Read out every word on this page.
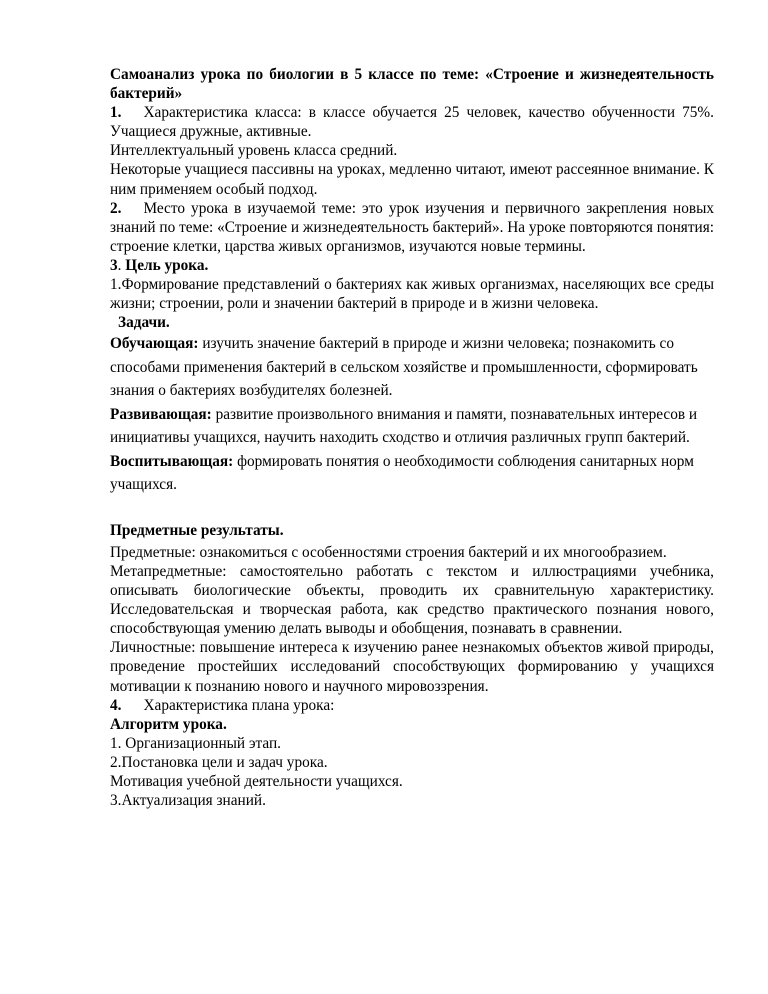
Самоанализ урока по биологии в 5 классе по теме: «Строение и жизнедеятельность бактерий»

1. Характеристика класса: в классе обучается 25 человек, качество обученности 75%. Учащиеся дружные, активные.

Интеллектуальный уровень класса средний.

Некоторые учащиеся пассивны на уроках, медленно читают, имеют рассеянное внимание. К ним применяем особый подход.

2. Место урока в изучаемой теме: это урок изучения и первичного закрепления новых знаний по теме: «Строение и жизнедеятельность бактерий». На уроке повторяются понятия: строение клетки, царства живых организмов, изучаются новые термины.

3. Цель урока.

1.Формирование представлений о бактериях как живых организмах, населяющих все среды жизни; строении, роли и значении бактерий в природе и в жизни человека.

Задачи.

Обучающая: изучить значение бактерий в природе и жизни человека; познакомить со способами применения бактерий в сельском хозяйстве и промышленности, сформировать знания о бактериях возбудителях болезней.

Развивающая: развитие произвольного внимания и памяти, познавательных интересов и инициативы учащихся, научить находить сходство и отличия различных групп бактерий.

Воспитывающая: формировать понятия о необходимости соблюдения санитарных норм учащихся.

Предметные результаты.

Предметные: ознакомиться с особенностями строения бактерий и их многообразием.

Метапредметные: самостоятельно работать с текстом и иллюстрациями учебника, описывать биологические объекты, проводить их сравнительную характеристику. Исследовательская и творческая работа, как средство практического познания нового, способствующая умению делать выводы и обобщения, познавать в сравнении.

Личностные: повышение интереса к изучению ранее незнакомых объектов живой природы, проведение простейших исследований способствующих формированию у учащихся мотивации к познанию нового и научного мировоззрения.

4. Характеристика плана урока:

Алгоритм урока.

1. Организационный этап.

2.Постановка цели и задач урока.

Мотивация учебной деятельности учащихся.

3.Актуализация знаний.
